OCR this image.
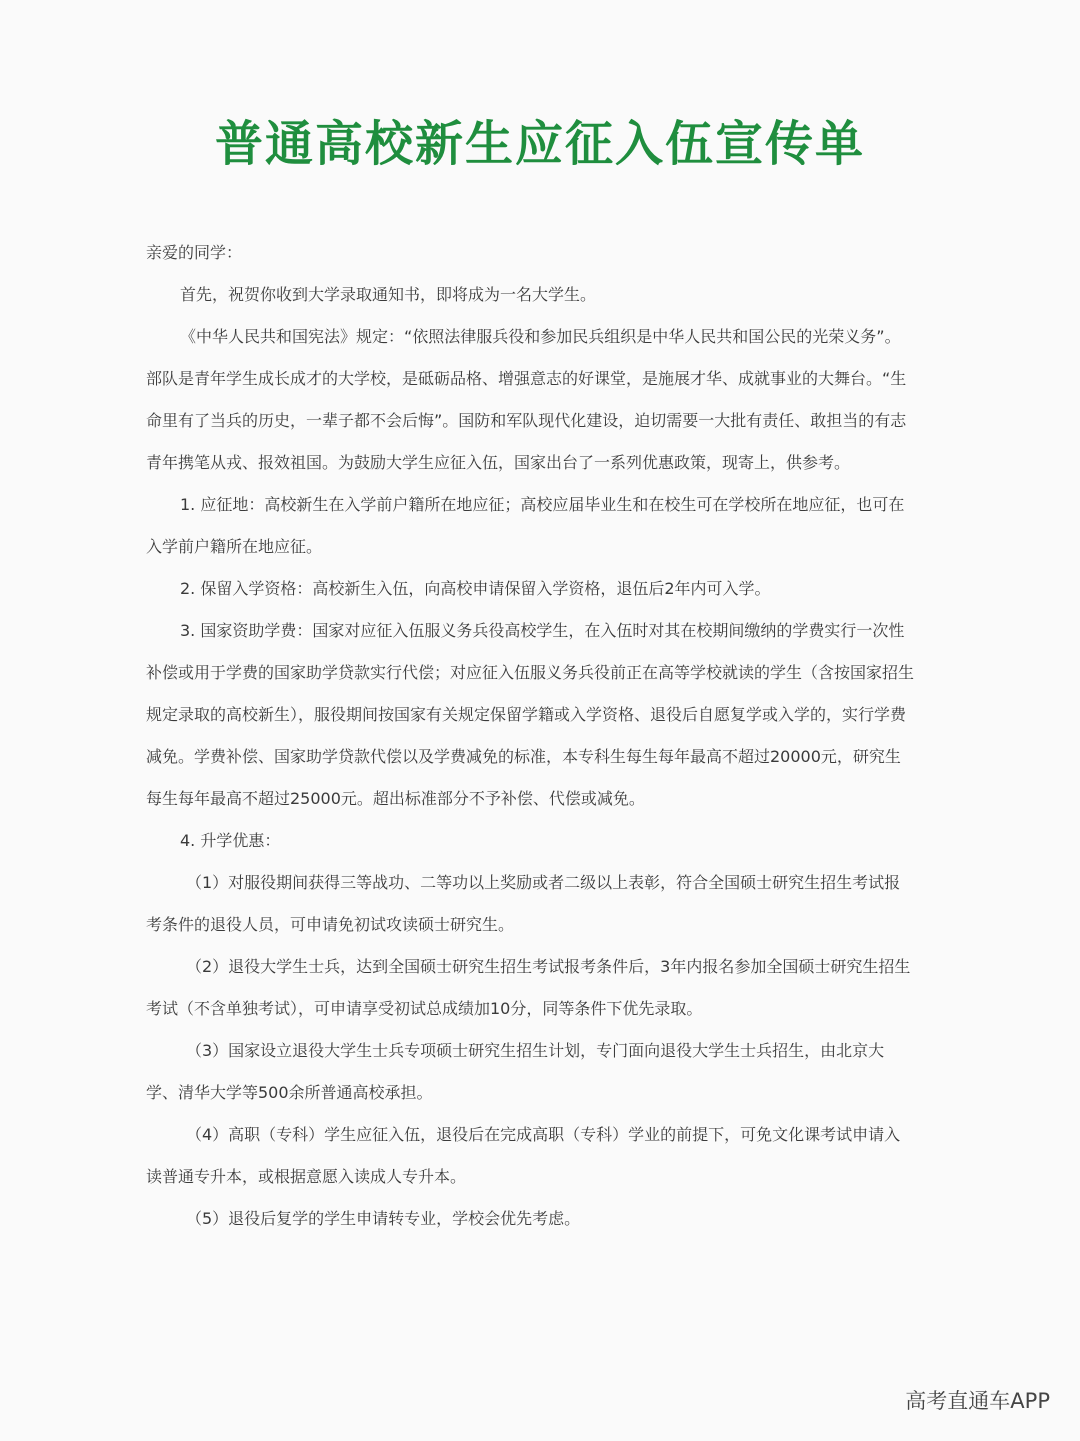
普通高校新生应征入伍宣传单

亲爱的同学：

首先，祝贺你收到大学录取通知书，即将成为一名大学生。

《中华人民共和国宪法》规定：“依照法律服兵役和参加民兵组织是中华人民共和国公民的光荣义务”。部队是青年学生成长成才的大学校，是砥砺品格、增强意志的好课堂，是施展才华、成就事业的大舞台。“生命里有了当兵的历史，一辈子都不会后悔”。国防和军队现代化建设，迫切需要一大批有责任、敢担当的有志青年携笔从戎、报效祖国。为鼓励大学生应征入伍，国家出台了一系列优惠政策，现寄上，供参考。

1. 应征地：高校新生在入学前户籍所在地应征；高校应届毕业生和在校生可在学校所在地应征，也可在入学前户籍所在地应征。

2. 保留入学资格：高校新生入伍，向高校申请保留入学资格，退伍后2年内可入学。

3. 国家资助学费：国家对应征入伍服义务兵役高校学生，在入伍时对其在校期间缴纳的学费实行一次性补偿或用于学费的国家助学贷款实行代偿；对应征入伍服义务兵役前正在高等学校就读的学生（含按国家招生规定录取的高校新生），服役期间按国家有关规定保留学籍或入学资格、退役后自愿复学或入学的，实行学费减免。学费补偿、国家助学贷款代偿以及学费减免的标准，本专科生每生每年最高不超过20000元，研究生每生每年最高不超过25000元。超出标准部分不予补偿、代偿或减免。

4. 升学优惠：

（1）对服役期间获得三等战功、二等功以上奖励或者二级以上表彰，符合全国硕士研究生招生考试报考条件的退役人员，可申请免初试攻读硕士研究生。

（2）退役大学生士兵，达到全国硕士研究生招生考试报考条件后，3年内报名参加全国硕士研究生招生考试（不含单独考试），可申请享受初试总成绩加10分，同等条件下优先录取。

（3）国家设立退役大学生士兵专项硕士研究生招生计划，专门面向退役大学生士兵招生，由北京大学、清华大学等500余所普通高校承担。

（4）高职（专科）学生应征入伍，退役后在完成高职（专科）学业的前提下，可免文化课考试申请入读普通专升本，或根据意愿入读成人专升本。

（5）退役后复学的学生申请转专业，学校会优先考虑。

高考直通车APP
